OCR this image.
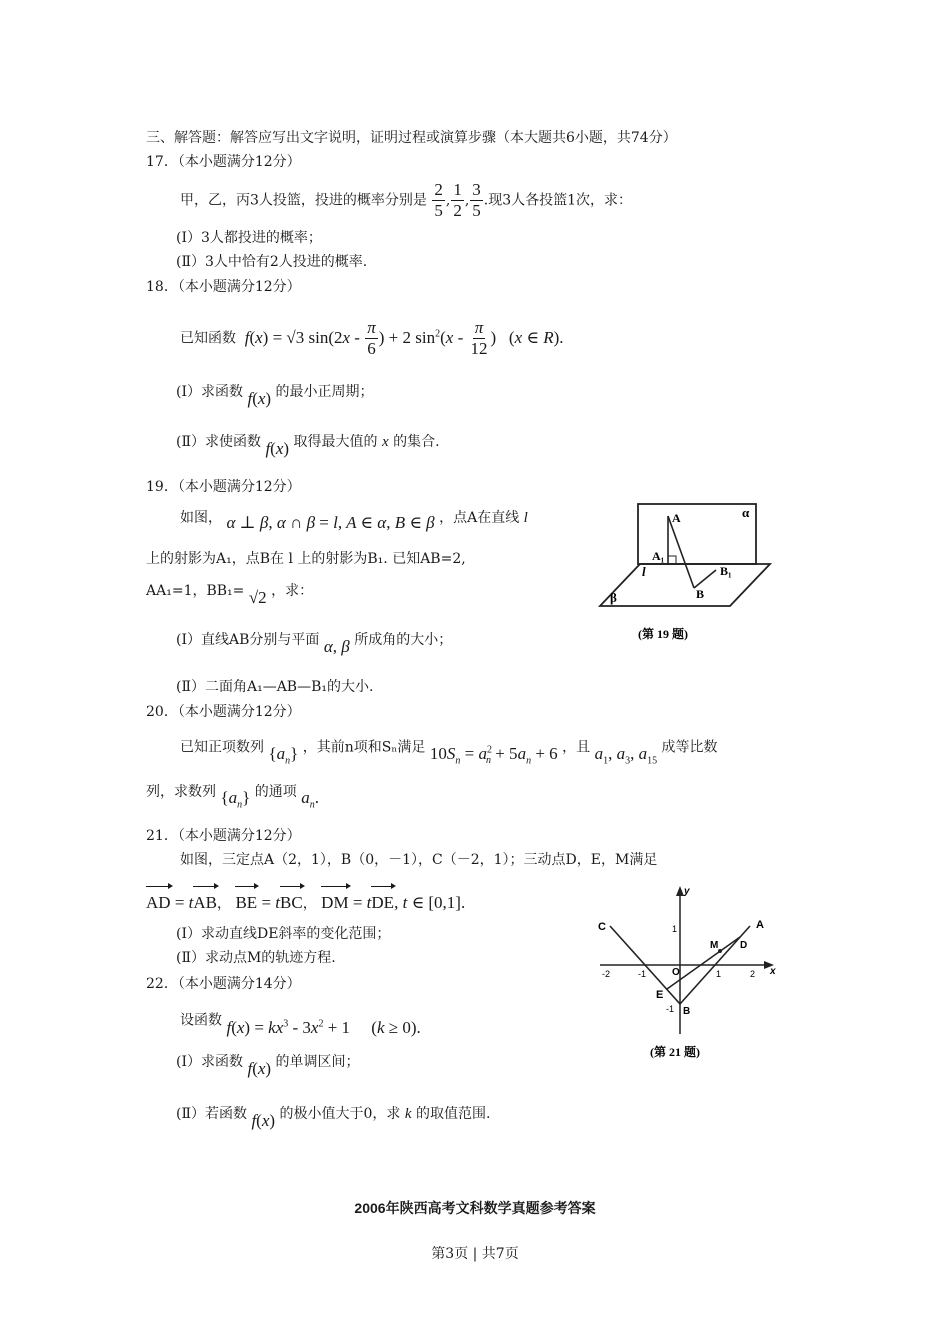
三、解答题：解答应写出文字说明，证明过程或演算步骤（本大题共6小题，共74分）
17．（本小题满分12分）
甲，乙，丙3人投篮，投进的概率分别是 $\frac{2}{5}$ , $\frac{1}{2}$ , $\frac{3}{5}$ .现3人各投篮1次，求：
(Ⅰ）3人都投进的概率；
(Ⅱ）3人中恰有2人投进的概率.
18．（本小题满分12分）
已知函数  f(x) = √3 $\sin(2x - \frac{\pi}{6}$ ) + 2 $\sin^2(x - \frac{\pi}{12}$ )   (x ∈ R).
(Ⅰ）求函数 f(x) 的最小正周期；
(Ⅱ）求使函数 f(x) 取得最大值的 x 的集合.
19．（本小题满分12分）
如图， α ⊥ β, α ∩ β = l, A ∈ α, B ∈ β ，点A在直线 l
上的射影为A₁，点B在 l 上的射影为B₁. 已知AB=2,
AA₁=1，BB₁= √2 ，求：
(Ⅰ）直线AB分别与平面 α, β 所成角的大小；
(Ⅱ）二面角A₁—AB—B₁的大小.
α
A
A₁
l	B₁
B
β
(第 19 题)
20．（本小题满分12分）
已知正项数列 $\{a_n\}$ ，其前n项和Sₙ满足 $10S_n = a^2_n + 5a_n + 6$ ，且 $a_1$, $a_3$, $a_{15}$ 成等比数
列，求数列 $\{a_n\}$ 的通项 $a_n$.
21．（本小题满分12分）
如图，三定点A（2，1），B（0，－1），C（－2，1）；三动点D，E，M满足
AD = tAB， BE = tBC， DM = tDE, t ∈ [0,1].
(Ⅰ）求动直线DE斜率的变化范围；
(Ⅱ）求动点M的轨迹方程.
C	A
M D
E
B
O
y
x
-2	-1	1	2
1
-1
(第 21 题)
22．（本小题满分14分）
设函数 $f(x) = kx^3 - 3x^2 + 1$     (k ≥ 0).
(Ⅰ）求函数 f(x) 的单调区间；
(Ⅱ）若函数 f(x) 的极小值大于0，求 k 的取值范围.
2006年陕西高考文科数学真题参考答案
第3页 | 共7页
